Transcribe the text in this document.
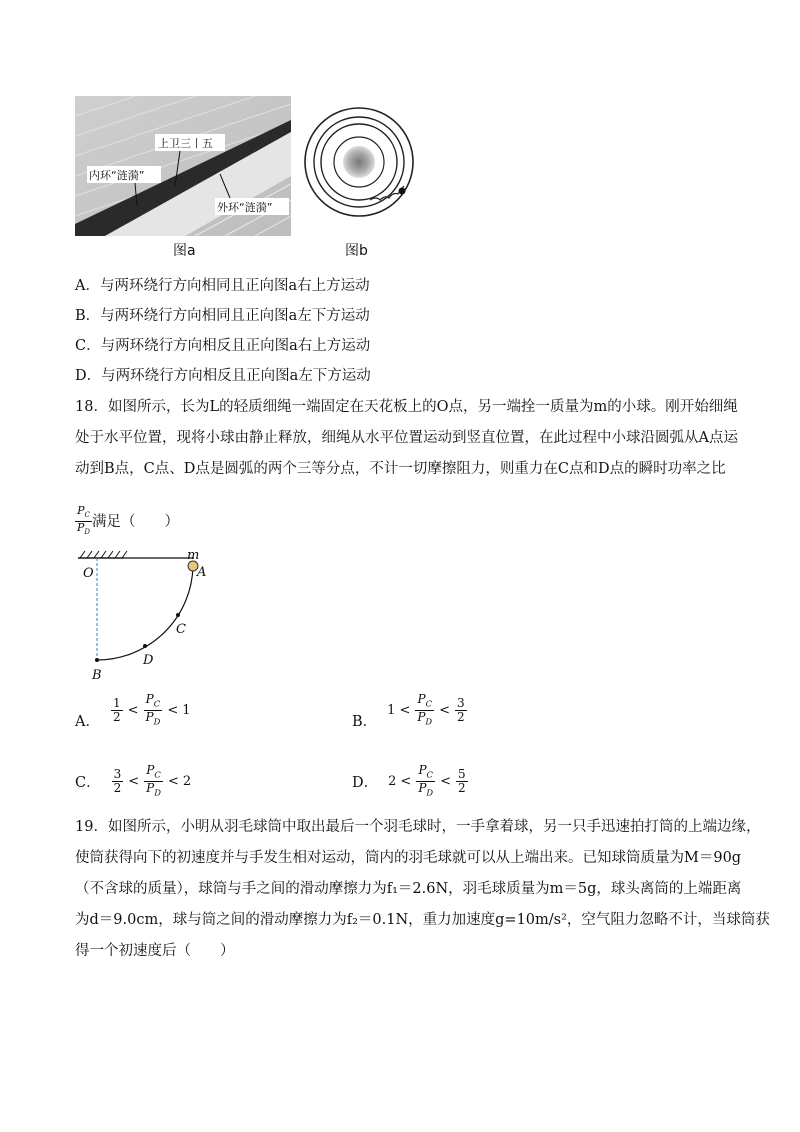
上卫三丨五
内环“涟漪”
外环“涟漪”
图a	图b
A．与两环绕行方向相同且正向图a右上方运动
B．与两环绕行方向相同且正向图a左下方运动
C．与两环绕行方向相反且正向图a右上方运动
D．与两环绕行方向相反且正向图a左下方运动
18．如图所示，长为L的轻质细绳一端固定在天花板上的O点，另一端拴一质量为m的小球。刚开始细绳
处于水平位置，现将小球由静止释放，细绳从水平位置运动到竖直位置，在此过程中小球沿圆弧从A点运
动到B点，C点、D点是圆弧的两个三等分点，不计一切摩擦阻力，则重力在C点和D点的瞬时功率之比
$\frac{P_C}{P_D}$ 满足（　　）
O
m
A
C
D
B
A．
1
2 <
$P_C$
$P_D$
< 1
B．
1 <
$P_C$
$P_D$
< 3
2
C．
3
2 <
$P_C$
$P_D$
< 2	D． 2 <
$P_C$
$P_D$
< 5
2
19．如图所示，小明从羽毛球筒中取出最后一个羽毛球时，一手拿着球，另一只手迅速拍打筒的上端边缘，
使筒获得向下的初速度并与手发生相对运动，筒内的羽毛球就可以从上端出来。已知球筒质量为M＝90g
（不含球的质量），球筒与手之间的滑动摩擦力为f₁＝2.6N，羽毛球质量为m＝5g，球头离筒的上端距离
为d＝9.0cm，球与筒之间的滑动摩擦力为f₂＝0.1N，重力加速度g=10m/s²，空气阻力忽略不计，当球筒获
得一个初速度后（　　）
